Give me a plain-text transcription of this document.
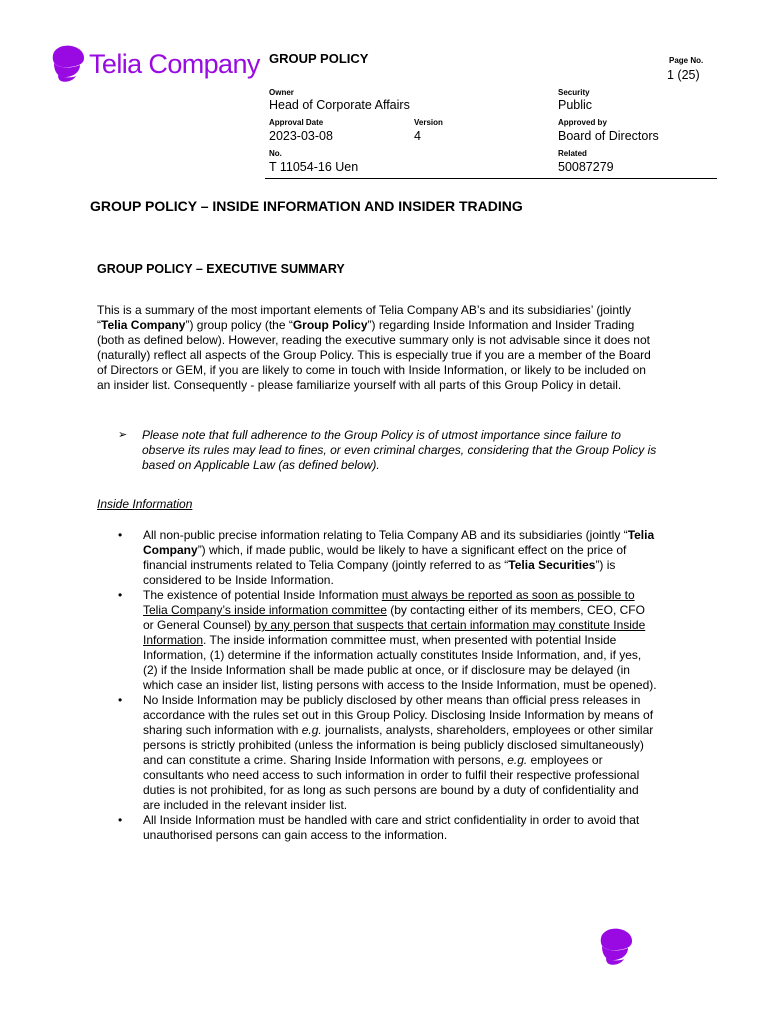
Telia Company GROUP POLICY	Page No.
1 (25)
Owner
Head of Corporate Affairs
Security
Public
Approval Date
2023-03-08
Version
4
Approved by
Board of Directors
No.
T 11054-16 Uen
Related
50087279
GROUP POLICY – INSIDE INFORMATION AND INSIDER TRADING
GROUP POLICY – EXECUTIVE SUMMARY
This is a summary of the most important elements of Telia Company AB’s and its subsidiaries’ (jointly “Telia Company”) group policy (the “Group Policy”) regarding Inside Information and Insider Trading (both as defined below). However, reading the executive summary only is not advisable since it does not (naturally) reflect all aspects of the Group Policy. This is especially true if you are a member of the Board of Directors or GEM, if you are likely to come in touch with Inside Information, or likely to be included on an insider list. Consequently - please familiarize yourself with all parts of this Group Policy in detail.
➢ Please note that full adherence to the Group Policy is of utmost importance since failure to observe its rules may lead to fines, or even criminal charges, considering that the Group Policy is based on Applicable Law (as defined below).
Inside Information
• All non-public precise information relating to Telia Company AB and its subsidiaries (jointly “Telia Company”) which, if made public, would be likely to have a significant effect on the price of financial instruments related to Telia Company (jointly referred to as “Telia Securities”) is considered to be Inside Information.
• The existence of potential Inside Information must always be reported as soon as possible to Telia Company’s inside information committee (by contacting either of its members, CEO, CFO or General Counsel) by any person that suspects that certain information may constitute Inside Information. The inside information committee must, when presented with potential Inside Information, (1) determine if the information actually constitutes Inside Information, and, if yes, (2) if the Inside Information shall be made public at once, or if disclosure may be delayed (in which case an insider list, listing persons with access to the Inside Information, must be opened).
• No Inside Information may be publicly disclosed by other means than official press releases in accordance with the rules set out in this Group Policy. Disclosing Inside Information by means of sharing such information with e.g. journalists, analysts, shareholders, employees or other similar persons is strictly prohibited (unless the information is being publicly disclosed simultaneously) and can constitute a crime. Sharing Inside Information with persons, e.g. employees or consultants who need access to such information in order to fulfil their respective professional duties is not prohibited, for as long as such persons are bound by a duty of confidentiality and are included in the relevant insider list.
• All Inside Information must be handled with care and strict confidentiality in order to avoid that unauthorised persons can gain access to the information.
